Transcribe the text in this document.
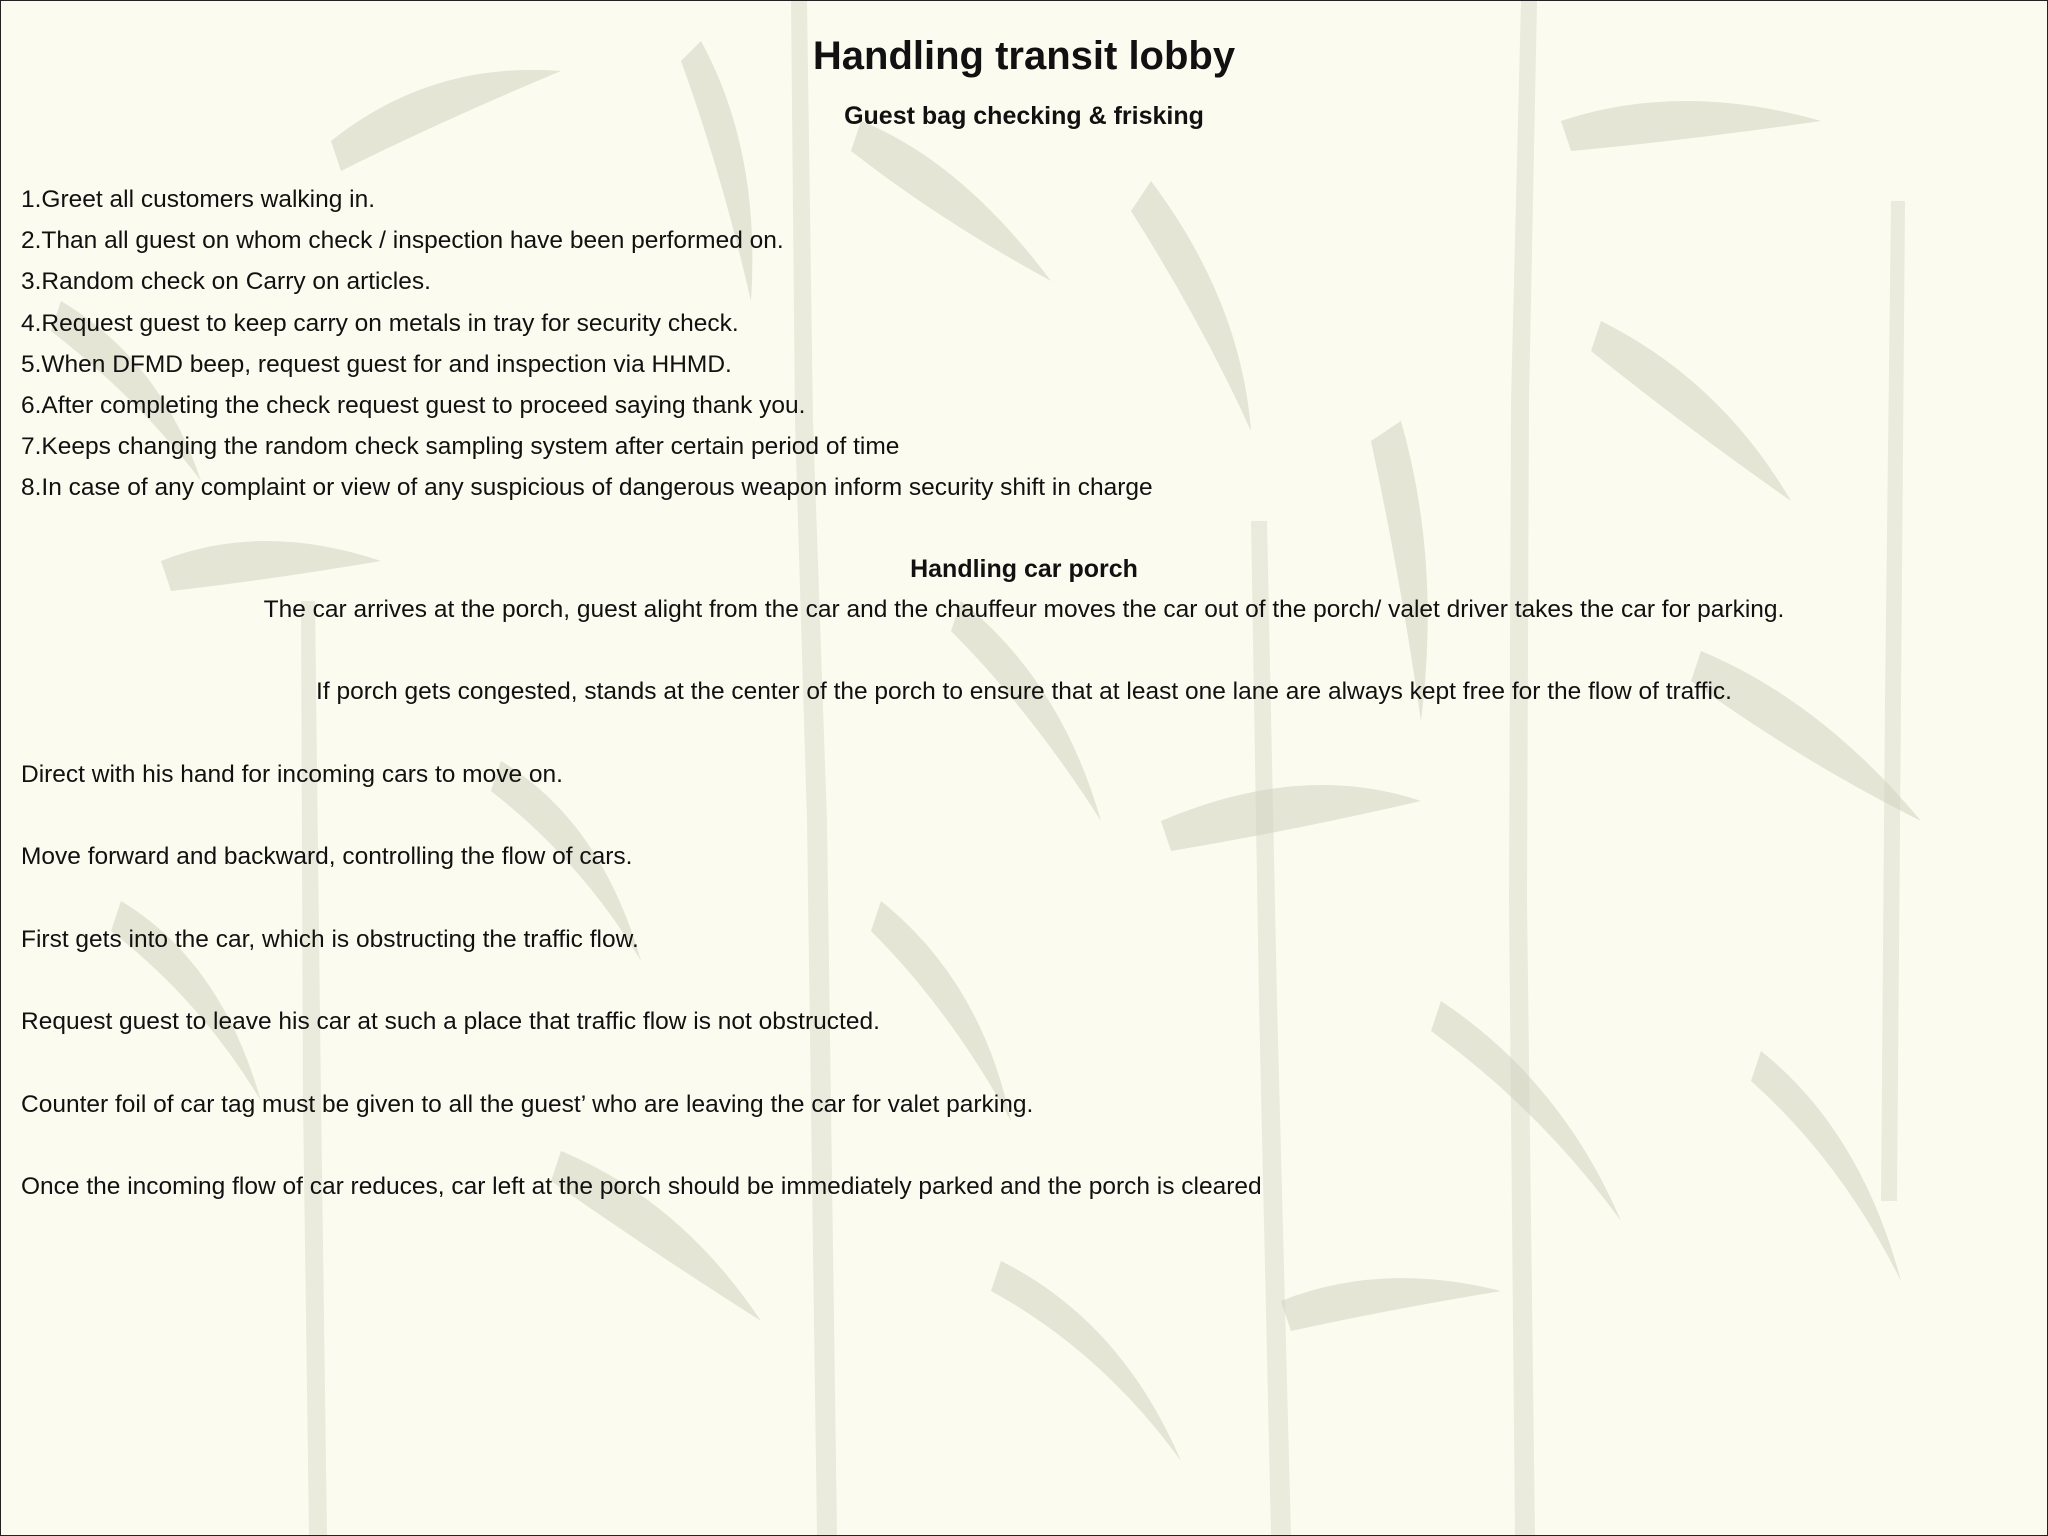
Handling transit lobby
Guest bag checking & frisking
1.Greet all customers walking in.
2.Than all guest on whom check / inspection have been performed on.
3.Random check on Carry on articles.
4.Request guest to keep carry on metals in tray for security check.
5.When DFMD beep, request guest for and inspection via HHMD.
6.After completing the check request guest to proceed saying thank you.
7.Keeps changing the random check sampling system after certain period of time
8.In case of any complaint or view of any suspicious of dangerous weapon inform security shift in charge
Handling car porch
The car arrives at the porch, guest alight from the car and the chauffeur moves the car out of the porch/ valet driver takes the car for parking.
If porch gets congested, stands at the center of the porch to ensure that at least one lane are always kept free for the flow of traffic.
Direct with his hand for incoming cars to move on.
Move forward and backward, controlling the flow of cars.
First gets into the car, which is obstructing the traffic flow.
Request guest to leave his car at such a place that traffic flow is not obstructed.
Counter foil of car tag must be given to all the guest’ who are leaving the car for valet parking.
Once the incoming flow of car reduces, car left at the porch should be immediately parked and the porch is cleared
